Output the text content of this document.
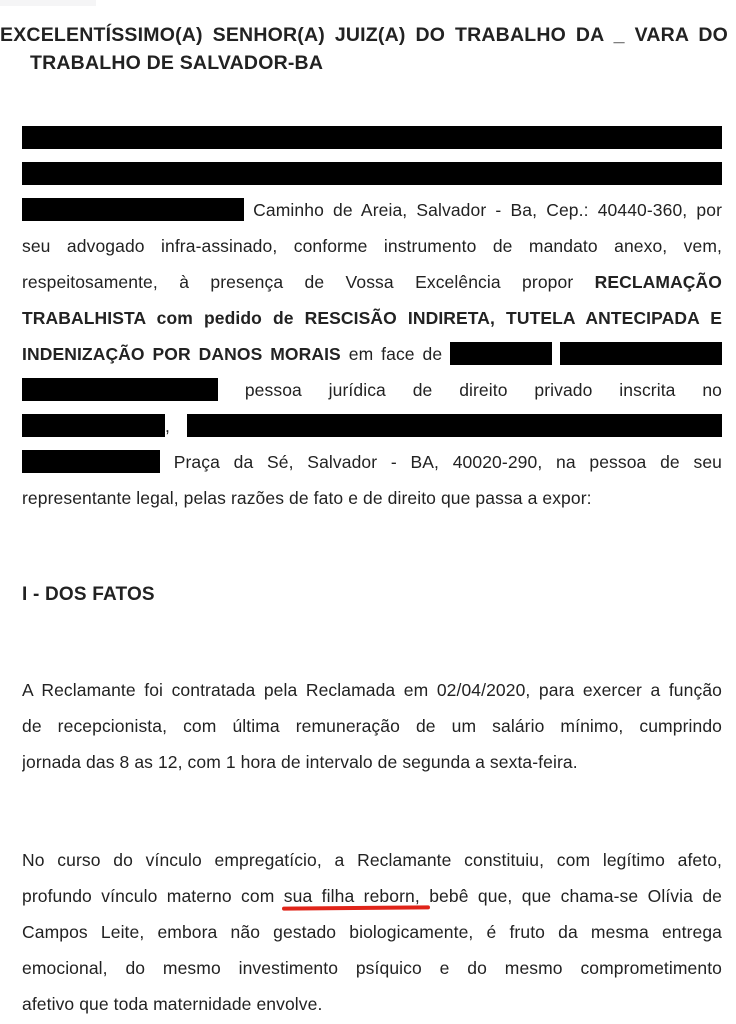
EXCELENTÍSSIMO(A) SENHOR(A) JUIZ(A) DO TRABALHO DA _ VARA DO
TRABALHO DE SALVADOR-BA
Caminho de Areia, Salvador - Ba, Cep.: 40440-360, por
seu advogado infra-assinado, conforme instrumento de mandato anexo, vem,
respeitosamente, à presença de Vossa Excelência propor RECLAMAÇÃO
TRABALHISTA com pedido de RESCISÃO INDIRETA, TUTELA ANTECIPADA E
INDENIZAÇÃO POR DANOS MORAIS em face de
pessoa jurídica de direito privado inscrita no
,
Praça da Sé, Salvador - BA, 40020-290, na pessoa de seu
representante legal, pelas razões de fato e de direito que passa a expor:
I - DOS FATOS
A Reclamante foi contratada pela Reclamada em 02/04/2020, para exercer a função
de recepcionista, com última remuneração de um salário mínimo, cumprindo
jornada das 8 as 12, com 1 hora de intervalo de segunda a sexta-feira.
No curso do vínculo empregatício, a Reclamante constituiu, com legítimo afeto,
profundo vínculo materno com sua filha reborn, bebê que, que chama-se Olívia de
Campos Leite, embora não gestado biologicamente, é fruto da mesma entrega
emocional, do mesmo investimento psíquico e do mesmo comprometimento
afetivo que toda maternidade envolve.
